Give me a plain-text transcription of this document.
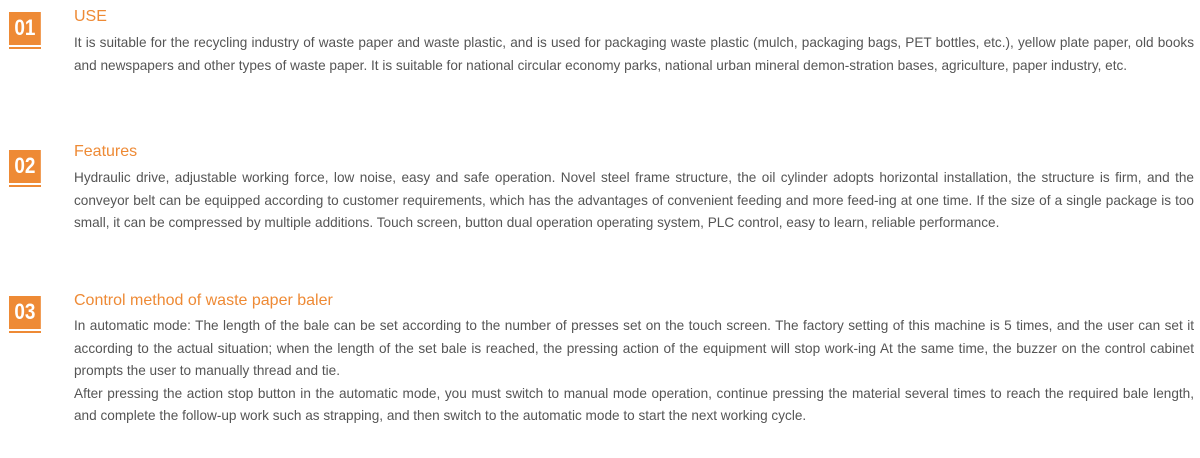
01	USE

It is suitable for the recycling industry of waste paper and waste plastic, and is used for packaging waste plastic (mulch, packaging bags, PET bottles, etc.), yellow plate paper, old books and newspapers and other types of waste paper. It is suitable for national circular economy parks, national urban mineral demon-stration bases, agriculture, paper industry, etc.

02
Features

Hydraulic drive, adjustable working force, low noise, easy and safe operation. Novel steel frame structure, the oil cylinder adopts horizontal installation, the structure is firm, and the conveyor belt can be equipped according to customer requirements, which has the advantages of convenient feeding and more feed-ing at one time. If the size of a single package is too small, it can be compressed by multiple additions. Touch screen, button dual operation operating system, PLC control, easy to learn, reliable performance.

03	Control method of waste paper baler

In automatic mode: The length of the bale can be set according to the number of presses set on the touch screen. The factory setting of this machine is 5 times, and the user can set it according to the actual situation; when the length of the set bale is reached, the pressing action of the equipment will stop work-ing At the same time, the buzzer on the control cabinet prompts the user to manually thread and tie.

After pressing the action stop button in the automatic mode, you must switch to manual mode operation, continue pressing the material several times to reach the required bale length, and complete the follow-up work such as strapping, and then switch to the automatic mode to start the next working cycle.
